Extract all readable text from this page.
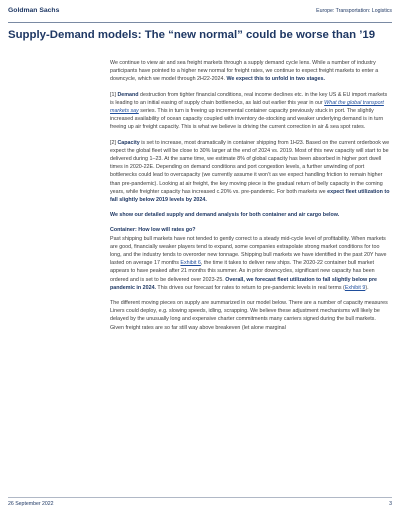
Goldman Sachs	Europe: Transportation: Logistics
Supply-Demand models: The “new normal” could be worse than ’19

We continue to view air and sea freight markets through a supply demand cycle lens. While a number of industry participants have pointed to a higher new normal for freight rates, we continue to expect freight markets to enter a downcycle, which we model through 2H22-2024. We expect this to unfold in two stages.

[1] Demand destruction from tighter financial conditions, real income declines etc. in the key US & EU import markets is leading to an initial easing of supply chain bottlenecks, as laid out earlier this year in our What the global transport markets say series. This in turn is freeing up incremental container capacity previously stuck in port. The slightly increased availability of ocean capacity coupled with inventory de-stocking and weaker underlying demand is in turn freeing up air freight capacity. This is what we believe is driving the current correction in air & sea spot rates.

[2] Capacity is set to increase, most dramatically in container shipping from 1H23. Based on the current orderbook we expect the global fleet will be close to 30% larger at the end of 2024 vs. 2019. Most of this new capacity will start to be delivered during 1–23. At the same time, we estimate 8% of global capacity has been absorbed in higher port dwell times in 2020-22E. Depending on demand conditions and port congestion levels, a further unwinding of port bottlenecks could lead to overcapacity (we currently assume it won’t as we expect handling friction to remain higher than pre-pandemic). Looking at air freight, the key moving piece is the gradual return of belly capacity in the coming years, while freighter capacity has increased c.20% vs. pre-pandemic. For both markets we expect fleet utilization to fall slightly below 2019 levels by 2024.

We show our detailed supply and demand analysis for both container and air cargo below.

Container: How low will rates go?

Past shipping bull markets have not tended to gently correct to a steady mid-cycle level of profitability. When markets are good, financially weaker players tend to expand, some companies extrapolate strong market conditions for too long, and the industry tends to overorder new tonnage. Shipping bull markets we have identified in the past 20Y have lasted on average 17 months Exhibit 6, the time it takes to deliver new ships. The 2020-22 container bull market appears to have peaked after 21 months this summer. As in prior downcycles, significant new capacity has been ordered and is set to be delivered over 2023-25. Overall, we forecast fleet utilization to fall slightly below pre pandemic in 2024. This drives our forecast for rates to return to pre-pandemic levels in real terms (Exhibit 9).

The different moving pieces on supply are summarized in our model below. There are a number of capacity measures Liners could deploy, e.g. slowing speeds, idling, scrapping. We believe these adjustment mechanisms will likely be delayed by the unusually long and expensive charter commitments many carriers signed during the bull markets. Given freight rates are so far still way above breakeven (let alone marginal

26 September 2022	3
